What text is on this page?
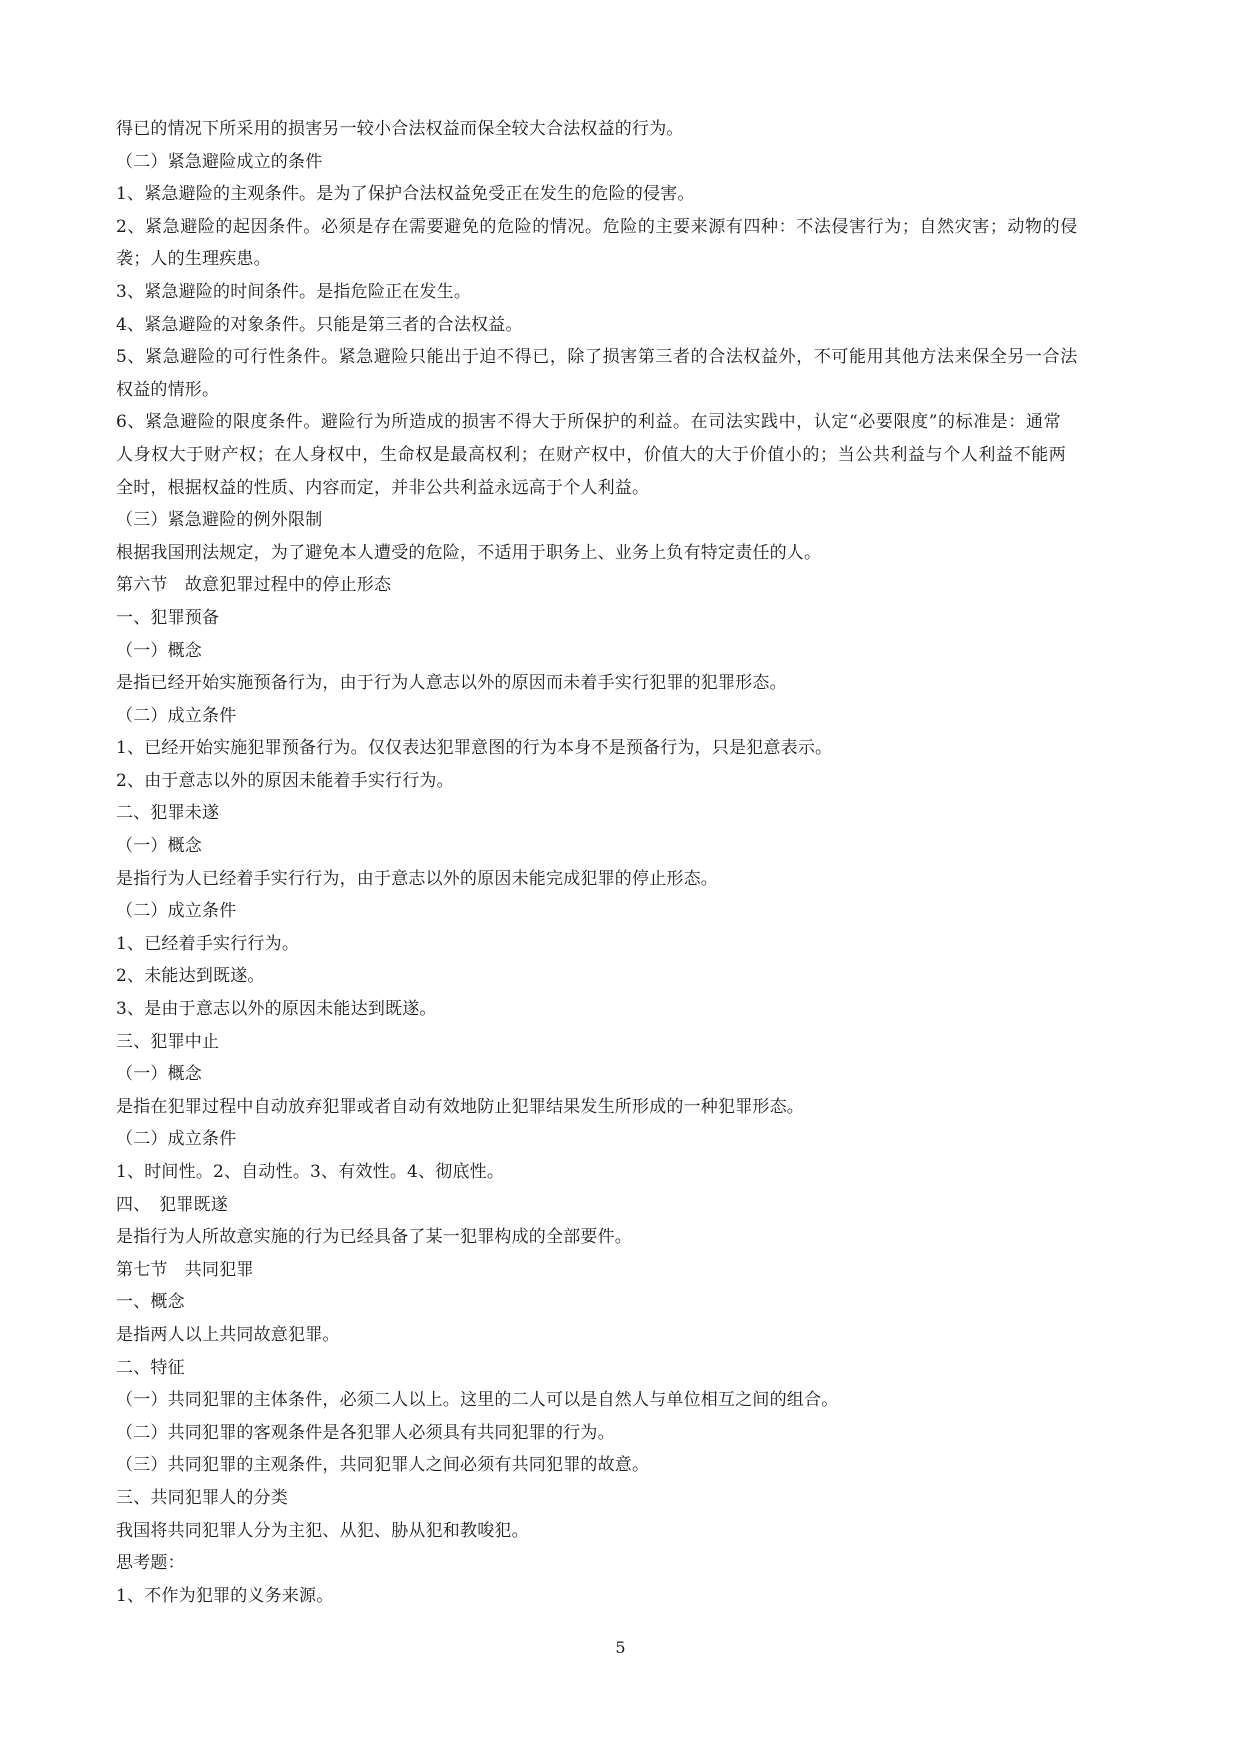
得已的情况下所采用的损害另一较小合法权益而保全较大合法权益的行为。
（二）紧急避险成立的条件
1、紧急避险的主观条件。是为了保护合法权益免受正在发生的危险的侵害。
2、紧急避险的起因条件。必须是存在需要避免的危险的情况。危险的主要来源有四种：不法侵害行为；自然灾害；动物的侵
袭；人的生理疾患。
3、紧急避险的时间条件。是指危险正在发生。
4、紧急避险的对象条件。只能是第三者的合法权益。
5、紧急避险的可行性条件。紧急避险只能出于迫不得已，除了损害第三者的合法权益外，不可能用其他方法来保全另一合法
权益的情形。
6、紧急避险的限度条件。避险行为所造成的损害不得大于所保护的利益。在司法实践中，认定“必要限度”的标准是：通常
人身权大于财产权；在人身权中，生命权是最高权利；在财产权中，价值大的大于价值小的；当公共利益与个人利益不能两
全时，根据权益的性质、内容而定，并非公共利益永远高于个人利益。
（三）紧急避险的例外限制
根据我国刑法规定，为了避免本人遭受的危险，不适用于职务上、业务上负有特定责任的人。
第六节　故意犯罪过程中的停止形态
一、犯罪预备
（一）概念
是指已经开始实施预备行为，由于行为人意志以外的原因而未着手实行犯罪的犯罪形态。
（二）成立条件
1、已经开始实施犯罪预备行为。仅仅表达犯罪意图的行为本身不是预备行为，只是犯意表示。
2、由于意志以外的原因未能着手实行行为。
二、犯罪未遂
（一）概念
是指行为人已经着手实行行为，由于意志以外的原因未能完成犯罪的停止形态。
（二）成立条件
1、已经着手实行行为。
2、未能达到既遂。
3、是由于意志以外的原因未能达到既遂。
三、犯罪中止
（一）概念
是指在犯罪过程中自动放弃犯罪或者自动有效地防止犯罪结果发生所形成的一种犯罪形态。
（二）成立条件
1、时间性。2、自动性。3、有效性。4、彻底性。
四、　犯罪既遂
是指行为人所故意实施的行为已经具备了某一犯罪构成的全部要件。
第七节　共同犯罪
一、概念
是指两人以上共同故意犯罪。
二、特征
（一）共同犯罪的主体条件，必须二人以上。这里的二人可以是自然人与单位相互之间的组合。
（二）共同犯罪的客观条件是各犯罪人必须具有共同犯罪的行为。
（三）共同犯罪的主观条件，共同犯罪人之间必须有共同犯罪的故意。
三、共同犯罪人的分类
我国将共同犯罪人分为主犯、从犯、胁从犯和教唆犯。
思考题：
1、不作为犯罪的义务来源。
5
